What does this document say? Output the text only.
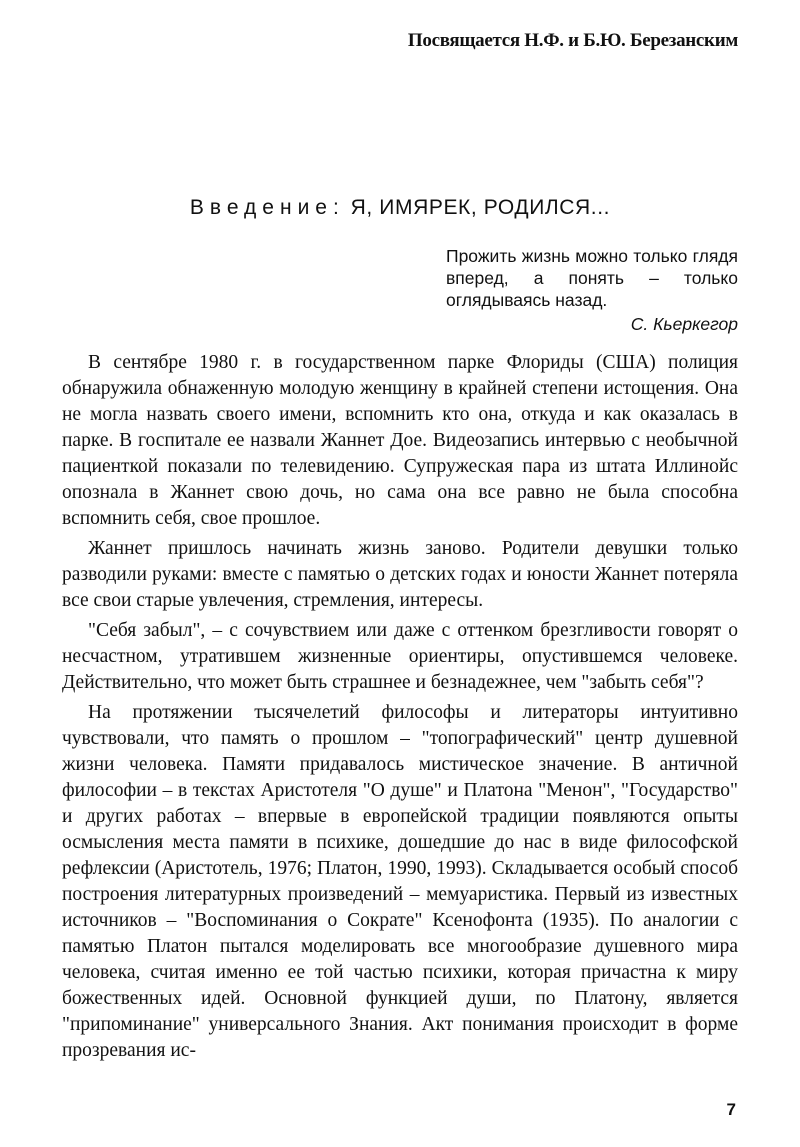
Посвящается Н.Ф. и Б.Ю. Березанским
Введение: Я, ИМЯРЕК, РОДИЛСЯ...

Прожить жизнь можно только глядя вперед, а понять – только оглядываясь назад.

С. Кьеркегор

В сентябре 1980 г. в государственном парке Флориды (США) полиция обнаружила обнаженную молодую женщину в крайней степени истощения. Она не могла назвать своего имени, вспомнить кто она, откуда и как оказалась в парке. В госпитале ее назвали Жаннет Дое. Видеозапись интервью с необычной пациенткой показали по телевидению. Супружеская пара из штата Иллинойс опознала в Жаннет свою дочь, но сама она все равно не была способна вспомнить себя, свое прошлое.

Жаннет пришлось начинать жизнь заново. Родители девушки только разводили руками: вместе с памятью о детских годах и юности Жаннет потеряла все свои старые увлечения, стремления, интересы.

"Себя забыл", – с сочувствием или даже с оттенком брезгливости говорят о несчастном, утратившем жизненные ориентиры, опустившемся человеке. Действительно, что может быть страшнее и безнадежнее, чем "забыть себя"?

На протяжении тысячелетий философы и литераторы интуитивно чувствовали, что память о прошлом – "топографический" центр душевной жизни человека. Памяти придавалось мистическое значение. В античной философии – в текстах Аристотеля "О душе" и Платона "Менон", "Государство" и других работах – впервые в европейской традиции появляются опыты осмысления места памяти в психике, дошедшие до нас в виде философской рефлексии (Аристотель, 1976; Платон, 1990, 1993). Складывается особый способ построения литературных произведений – мемуаристика. Первый из известных источников – "Воспоминания о Сократе" Ксенофонта (1935). По аналогии с памятью Платон пытался моделировать все многообразие душевного мира человека, считая именно ее той частью психики, которая причастна к миру божественных идей. Основной функцией души, по Платону, является "припоминание" универсального Знания. Акт понимания происходит в форме прозревания ис-

7
